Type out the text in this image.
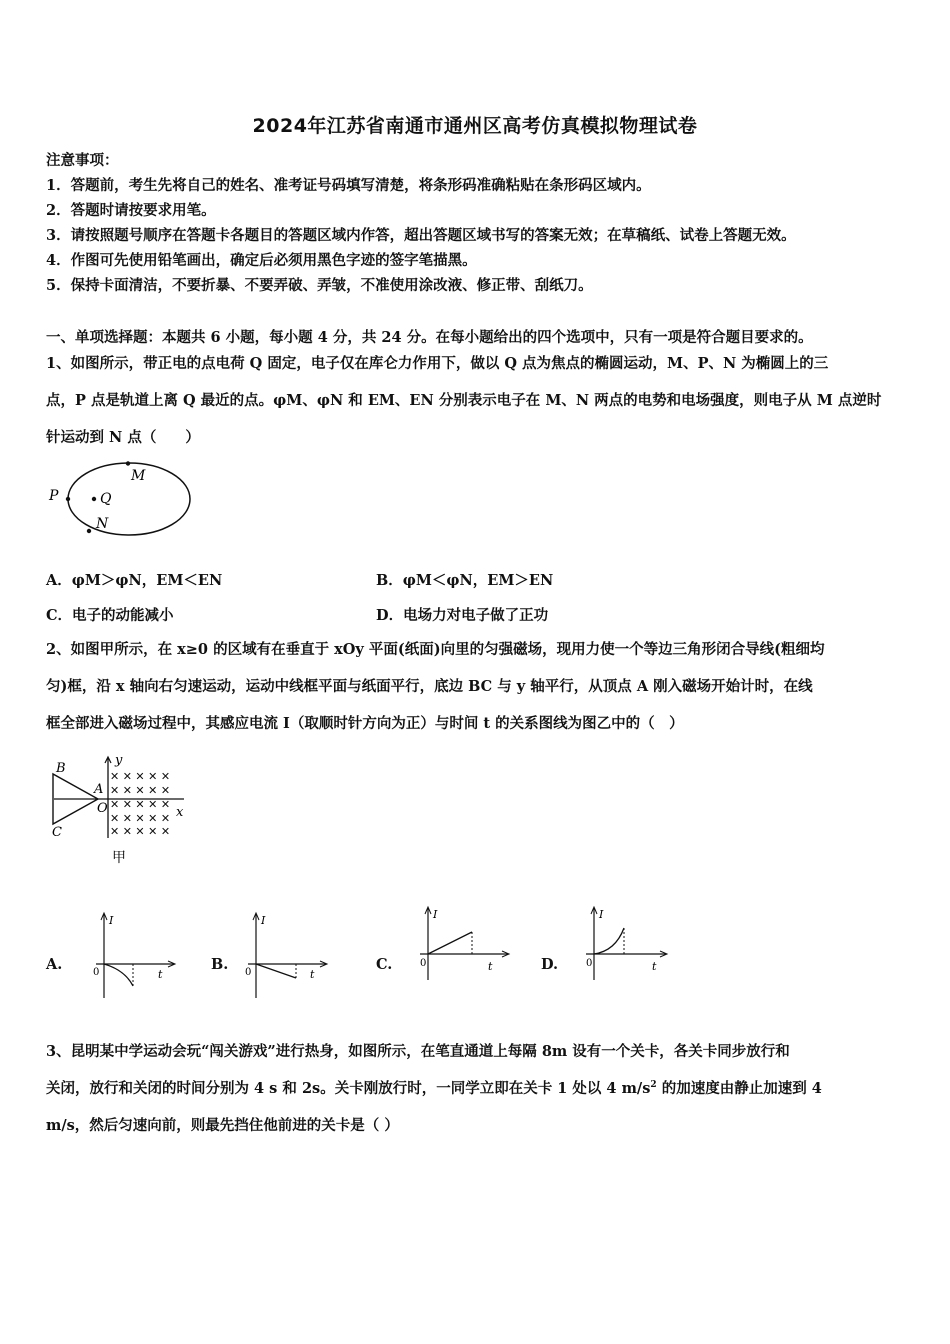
2024年江苏省南通市通州区高考仿真模拟物理试卷
注意事项：
1．答题前，考生先将自己的姓名、准考证号码填写清楚，将条形码准确粘贴在条形码区域内。
2．答题时请按要求用笔。
3．请按照题号顺序在答题卡各题目的答题区域内作答，超出答题区域书写的答案无效；在草稿纸、试卷上答题无效。
4．作图可先使用铅笔画出，确定后必须用黑色字迹的签字笔描黑。
5．保持卡面清洁，不要折暴、不要弄破、弄皱，不准使用涂改液、修正带、刮纸刀。
一、单项选择题：本题共 6 小题，每小题 4 分，共 24 分。在每小题给出的四个选项中，只有一项是符合题目要求的。
1、如图所示，带正电的点电荷 Q 固定，电子仅在库仑力作用下，做以 Q 点为焦点的椭圆运动，M、P、N 为椭圆上的三
点，P 点是轨道上离 Q 最近的点。φM、φN 和 EM、EN 分别表示电子在 M、N 两点的电势和电场强度，则电子从 M 点逆时
针运动到 N 点（　　）
M
P	Q
N
A．φM＞φN，EM＜EN	B．φM＜φN，EM＞EN
C．电子的动能减小	D．电场力对电子做了正功
2、如图甲所示，在 x≥0 的区域有在垂直于 xOy 平面(纸面)向里的匀强磁场，现用力使一个等边三角形闭合导线(粗细均
匀)框，沿 x 轴向右匀速运动，运动中线框平面与纸面平行，底边 BC 与 y 轴平行，从顶点 A 刚入磁场开始计时，在线
框全部进入磁场过程中，其感应电流 I（取顺时针方向为正）与时间 t 的关系图线为图乙中的（　）
B
A
C
O	x
y
✕ ✕ ✕ ✕ ✕
✕ ✕ ✕ ✕ ✕
✕ ✕ ✕ ✕ ✕
✕ ✕ ✕ ✕ ✕
✕ ✕ ✕ ✕ ✕
甲
A.
I
0	t
B.
I
0	t
C.
I
0	t	D.
I
0	t
3、昆明某中学运动会玩“闯关游戏”进行热身，如图所示，在笔直通道上每隔 8m 设有一个关卡，各关卡同步放行和
关闭，放行和关闭的时间分别为 4 s 和 2s。关卡刚放行时，一同学立即在关卡 1 处以 4 $m/s^2$ 的加速度由静止加速到 4
m/s，然后匀速向前，则最先挡住他前进的关卡是（ ）
